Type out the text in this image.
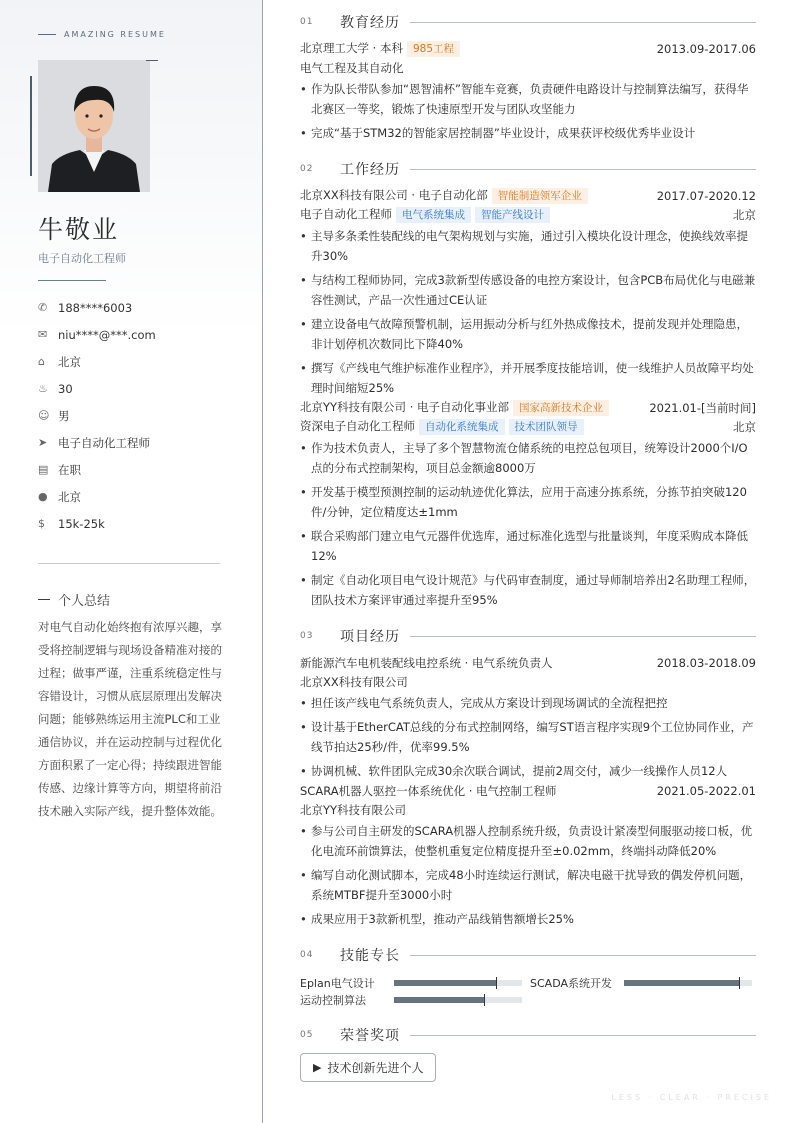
AMAZING RESUME
牛敬业
电子自动化工程师
✆ 188****6003
✉ niu****@***.com
⌂	北京
♨ 30
☺ 男
➤ 电子自动化工程师
▤ 在职
● 北京
$	15k-25k
个人总结
对电气自动化始终抱有浓厚兴趣，享受将控制逻辑与现场设备精准对接的过程；做事严谨，注重系统稳定性与容错设计，习惯从底层原理出发解决问题；能够熟练运用主流PLC和工业通信协议，并在运动控制与过程优化方面积累了一定心得；持续跟进智能传感、边缘计算等方向，期望将前沿技术融入实际产线，提升整体效能。
01	教育经历
北京理工大学 · 本科 985工程	2013.09-2017.06
电气工程及其自动化
• 作为队长带队参加“恩智浦杯”智能车竞赛，负责硬件电路设计与控制算法编写，获得华北赛区一等奖，锻炼了快速原型开发与团队攻坚能力
• 完成“基于STM32的智能家居控制器”毕业设计，成果获评校级优秀毕业设计
02	工作经历
北京XX科技有限公司 · 电子自动化部 智能制造领军企业	2017.07-2020.12
电子自动化工程师 电气系统集成 智能产线设计	北京
• 主导多条柔性装配线的电气架构规划与实施，通过引入模块化设计理念，使换线效率提升30%
• 与结构工程师协同，完成3款新型传感设备的电控方案设计，包含PCB布局优化与电磁兼容性测试，产品一次性通过CE认证
• 建立设备电气故障预警机制，运用振动分析与红外热成像技术，提前发现并处理隐患，非计划停机次数同比下降40%
• 撰写《产线电气维护标准作业程序》，并开展季度技能培训，使一线维护人员故障平均处理时间缩短25%
北京YY科技有限公司 · 电子自动化事业部 国家高新技术企业	2021.01-[当前时间]
资深电子自动化工程师 自动化系统集成 技术团队领导	北京
• 作为技术负责人，主导了多个智慧物流仓储系统的电控总包项目，统筹设计2000个I/O点的分布式控制架构，项目总金额逾8000万
• 开发基于模型预测控制的运动轨迹优化算法，应用于高速分拣系统，分拣节拍突破120件/分钟，定位精度达±1mm
• 联合采购部门建立电气元器件优选库，通过标准化选型与批量谈判，年度采购成本降低12%
• 制定《自动化项目电气设计规范》与代码审查制度，通过导师制培养出2名助理工程师，团队技术方案评审通过率提升至95%
03	项目经历
新能源汽车电机装配线电控系统 · 电气系统负责人	2018.03-2018.09
北京XX科技有限公司
• 担任该产线电气系统负责人，完成从方案设计到现场调试的全流程把控
• 设计基于EtherCAT总线的分布式控制网络，编写ST语言程序实现9个工位协同作业，产线节拍达25秒/件，优率99.5%
• 协调机械、软件团队完成30余次联合调试，提前2周交付，减少一线操作人员12人
SCARA机器人驱控一体系统优化 · 电气控制工程师	2021.05-2022.01
北京YY科技有限公司
• 参与公司自主研发的SCARA机器人控制系统升级，负责设计紧凑型伺服驱动接口板，优化电流环前馈算法，使整机重复定位精度提升至±0.02mm，终端抖动降低20%
• 编写自动化测试脚本，完成48小时连续运行测试，解决电磁干扰导致的偶发停机问题，系统MTBF提升至3000小时
• 成果应用于3款新机型，推动产品线销售额增长25%
04	技能专长
Eplan电气设计	SCADA系统开发
运动控制算法
05	荣誉奖项
▶ 技术创新先进个人
LESS · CLEAR · PRECISE
